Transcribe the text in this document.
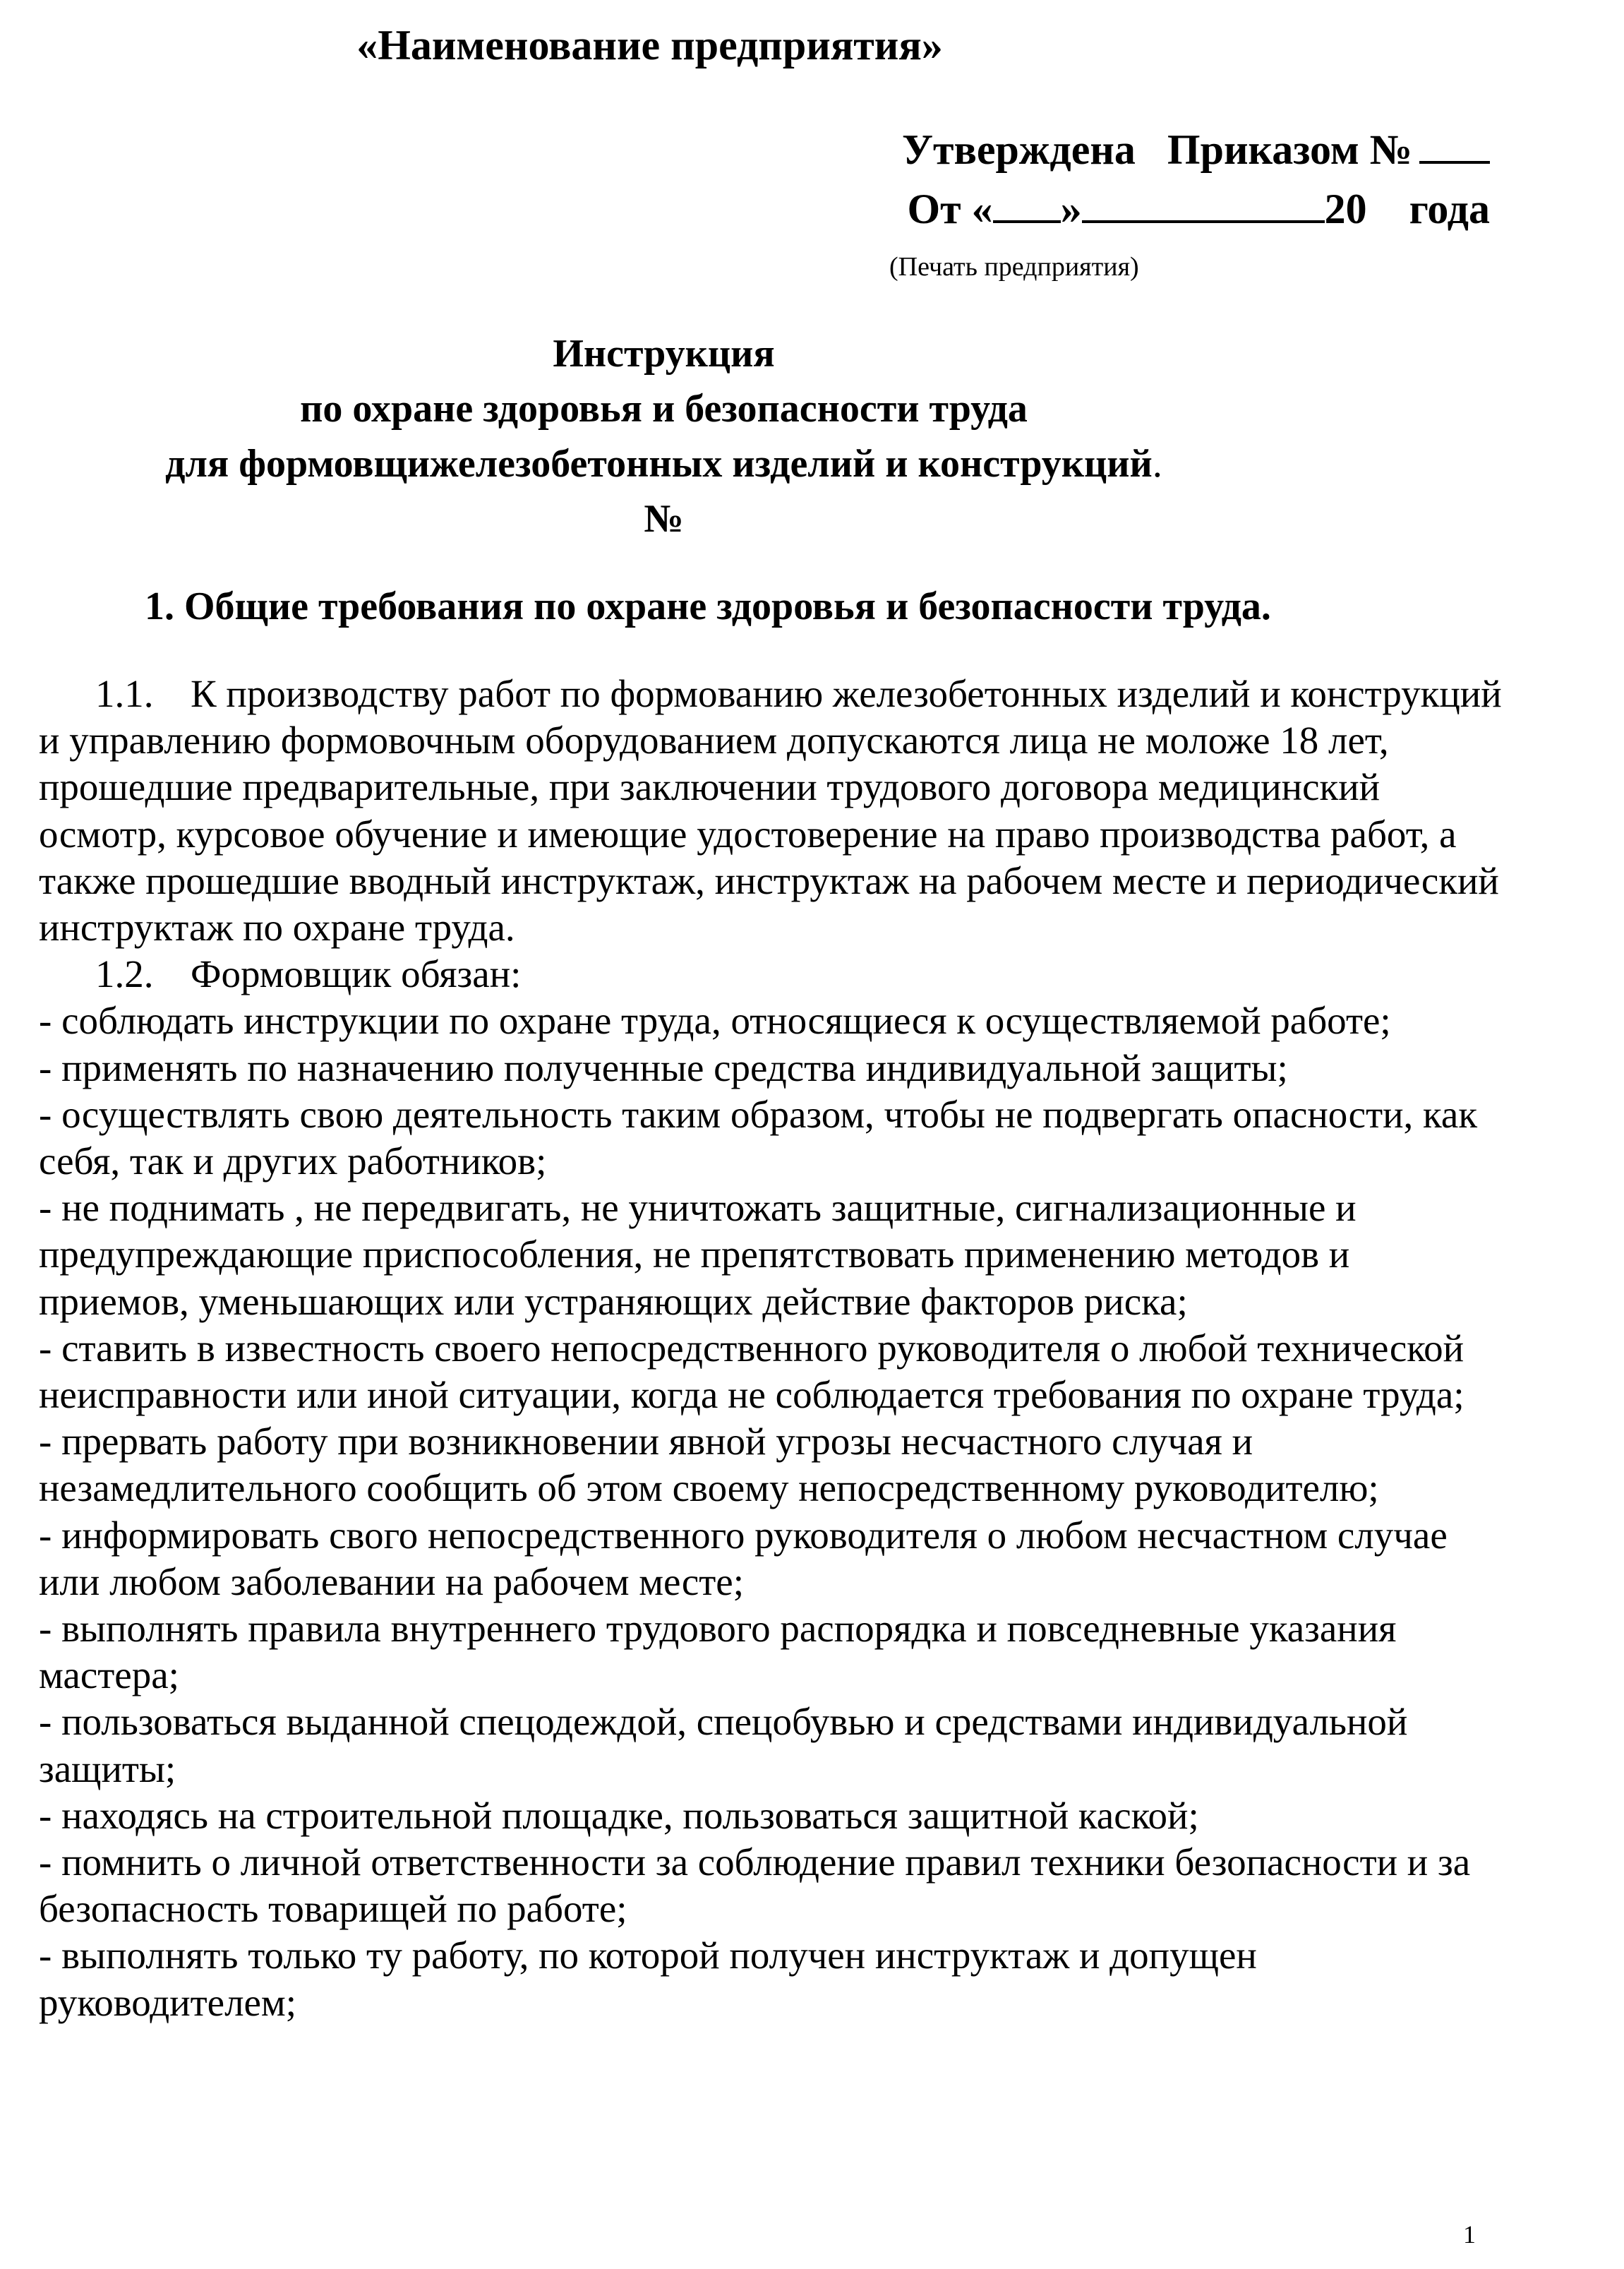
«Наименование предприятия»
Утверждена   Приказом №
От « »	20    года
(Печать предприятия)
Инструкция
по охране здоровья и безопасности труда
для формовщижелезобетонных изделий и конструкций.
№
1. Общие требования по охране здоровья и безопасности труда.

1.1. К производству работ по формованию железобетонных изделий и конструкций и управлению формовочным оборудованием допускаются лица не моложе 18 лет, прошедшие предварительные, при заключении трудового договора медицинский осмотр, курсовое обучение и имеющие удостоверение на право производства работ, а также прошедшие вводный инструктаж, инструктаж на рабочем месте и периодический инструктаж по охране труда.

1.2. Формовщик обязан:

- соблюдать инструкции по охране труда, относящиеся к осуществляемой работе;

- применять по назначению полученные средства индивидуальной защиты;

- осуществлять свою деятельность таким образом, чтобы не подвергать опасности, как себя, так и других работников;

- не поднимать , не передвигать, не уничтожать защитные, сигнализационные и предупреждающие приспособления, не препятствовать применению методов и приемов, уменьшающих или устраняющих действие факторов риска;

- ставить в известность своего непосредственного руководителя о любой технической неисправности или иной ситуации, когда не соблюдается требования по охране труда;

- прервать работу при возникновении явной угрозы несчастного случая и незамедлительного сообщить об этом своему непосредственному руководителю;

- информировать свого непосредственного руководителя о любом несчастном случае или любом заболевании на рабочем месте;

- выполнять правила внутреннего трудового распорядка и повседневные указания мастера;

- пользоваться выданной спецодеждой, спецобувью и средствами индивидуальной защиты;

- находясь на строительной площадке, пользоваться защитной каской;

- помнить о личной ответственности за соблюдение правил техники безопасности и за безопасность товарищей по работе;

- выполнять только ту работу, по которой получен инструктаж и допущен руководителем;

1
